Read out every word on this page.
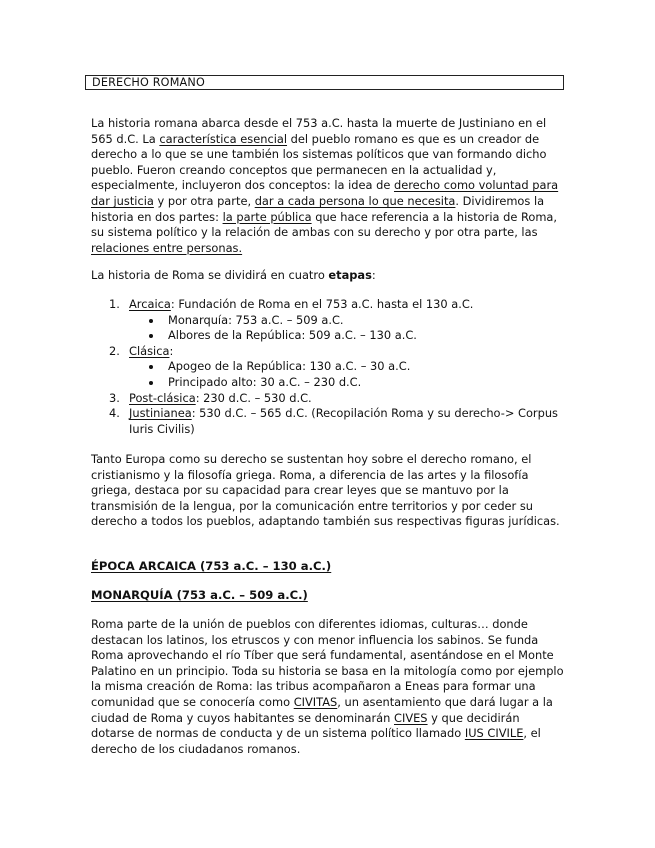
DERECHO ROMANO

La historia romana abarca desde el 753 a.C. hasta la muerte de Justiniano en el 565 d.C. La característica esencial del pueblo romano es que es un creador de derecho a lo que se une también los sistemas políticos que van formando dicho pueblo. Fueron creando conceptos que permanecen en la actualidad y, especialmente, incluyeron dos conceptos: la idea de derecho como voluntad para dar justicia y por otra parte, dar a cada persona lo que necesita. Dividiremos la historia en dos partes: la parte pública que hace referencia a la historia de Roma, su sistema político y la relación de ambas con su derecho y por otra parte, las relaciones entre personas.

La historia de Roma se dividirá en cuatro etapas:

1. Arcaica: Fundación de Roma en el 753 a.C. hasta el 130 a.C.
Monarquía: 753 a.C. – 509 a.C.
Albores de la República: 509 a.C. – 130 a.C.
2. Clásica:
Apogeo de la República: 130 a.C. – 30 a.C.
Principado alto: 30 a.C. – 230 d.C.
3. Post-clásica: 230 d.C. – 530 d.C.
4. Justinianea: 530 d.C. – 565 d.C. (Recopilación Roma y su derecho-> Corpus Iuris Civilis)

Tanto Europa como su derecho se sustentan hoy sobre el derecho romano, el cristianismo y la filosofía griega. Roma, a diferencia de las artes y la filosofía griega, destaca por su capacidad para crear leyes que se mantuvo por la transmisión de la lengua, por la comunicación entre territorios y por ceder su derecho a todos los pueblos, adaptando también sus respectivas figuras jurídicas.

ÉPOCA ARCAICA (753 a.C. – 130 a.C.)

MONARQUÍA (753 a.C. – 509 a.C.)

Roma parte de la unión de pueblos con diferentes idiomas, culturas… donde destacan los latinos, los etruscos y con menor influencia los sabinos. Se funda Roma aprovechando el río Tíber que será fundamental, asentándose en el Monte Palatino en un principio. Toda su historia se basa en la mitología como por ejemplo la misma creación de Roma: las tribus acompañaron a Eneas para formar una comunidad que se conocería como CIVITAS, un asentamiento que dará lugar a la ciudad de Roma y cuyos habitantes se denominarán CIVES y que decidirán dotarse de normas de conducta y de un sistema político llamado IUS CIVILE, el derecho de los ciudadanos romanos.
